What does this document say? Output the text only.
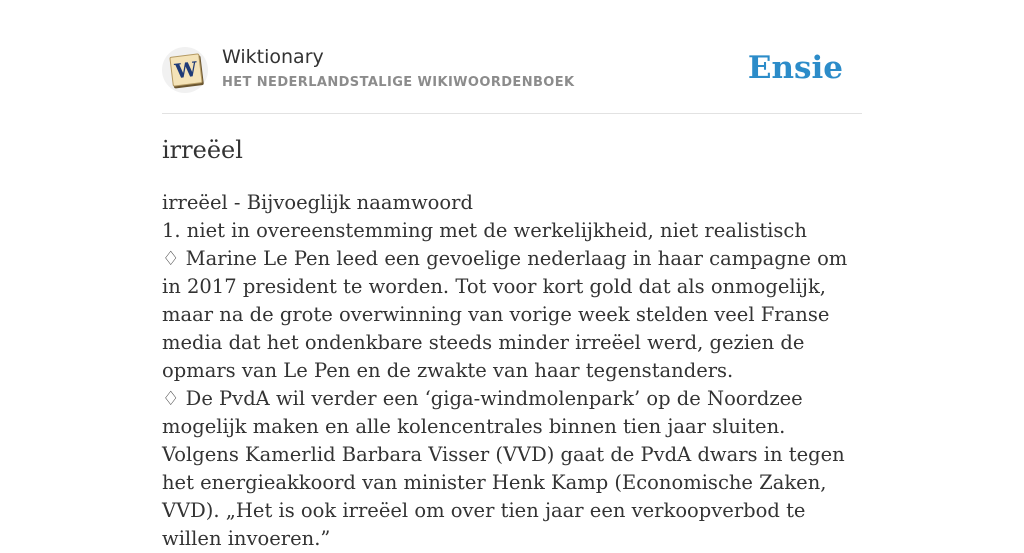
W Wiktionary
HET NEDERLANDSTALIGE WIKIWOORDENBOEK	Ensie
irreëel

irreëel - Bijvoeglijk naamwoord

1. niet in overeenstemming met de werkelijkheid, niet realistisch

♢ Marine Le Pen leed een gevoelige nederlaag in haar campagne om in 2017 president te worden. Tot voor kort gold dat als onmogelijk, maar na de grote overwinning van vorige week stelden veel Franse media dat het ondenkbare steeds minder irreëel werd, gezien de opmars van Le Pen en de zwakte van haar tegenstanders.

♢ De PvdA wil verder een ‘giga-windmolenpark’ op de Noordzee mogelijk maken en alle kolencentrales binnen tien jaar sluiten. Volgens Kamerlid Barbara Visser (VVD) gaat de PvdA dwars in tegen het energieakkoord van minister Henk Kamp (Economische Zaken, VVD). „Het is ook irreëel om over tien jaar een verkoopverbod te willen invoeren.”
